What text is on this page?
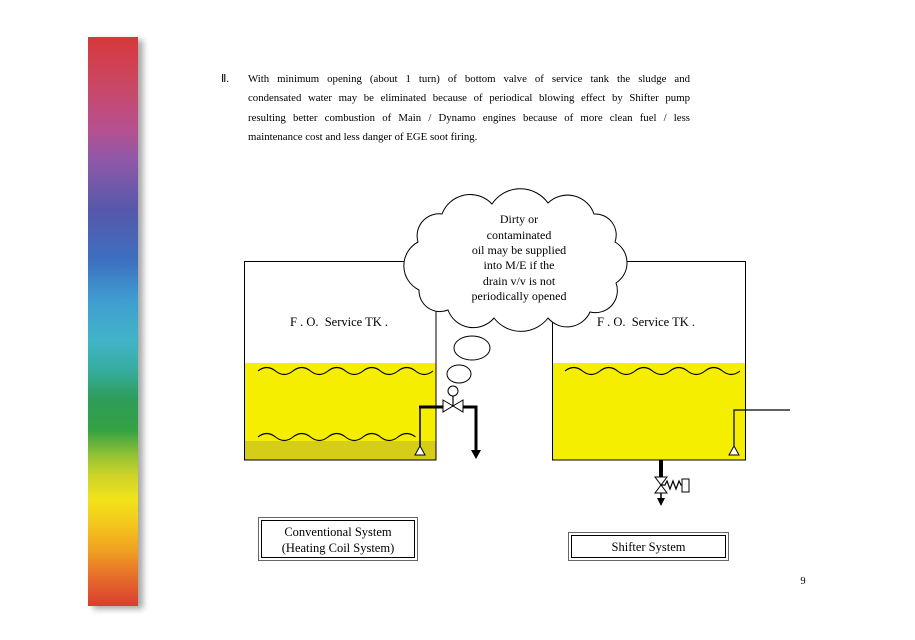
Ⅱ. With minimum opening (about 1 turn) of bottom valve of service tank the sludge and
condensated water may be eliminated because of periodical blowing effect by Shifter pump
resulting better combustion of Main / Dynamo engines because of more clean fuel / less
maintenance cost and less danger of EGE soot firing.
F . O.  Service TK .	F . O.  Service TK .
Dirty or
contaminated
oil may be supplied
into M/E if the
drain v/v is not
periodically opened
Conventional System
(Heating Coil System)	Shifter System
9
